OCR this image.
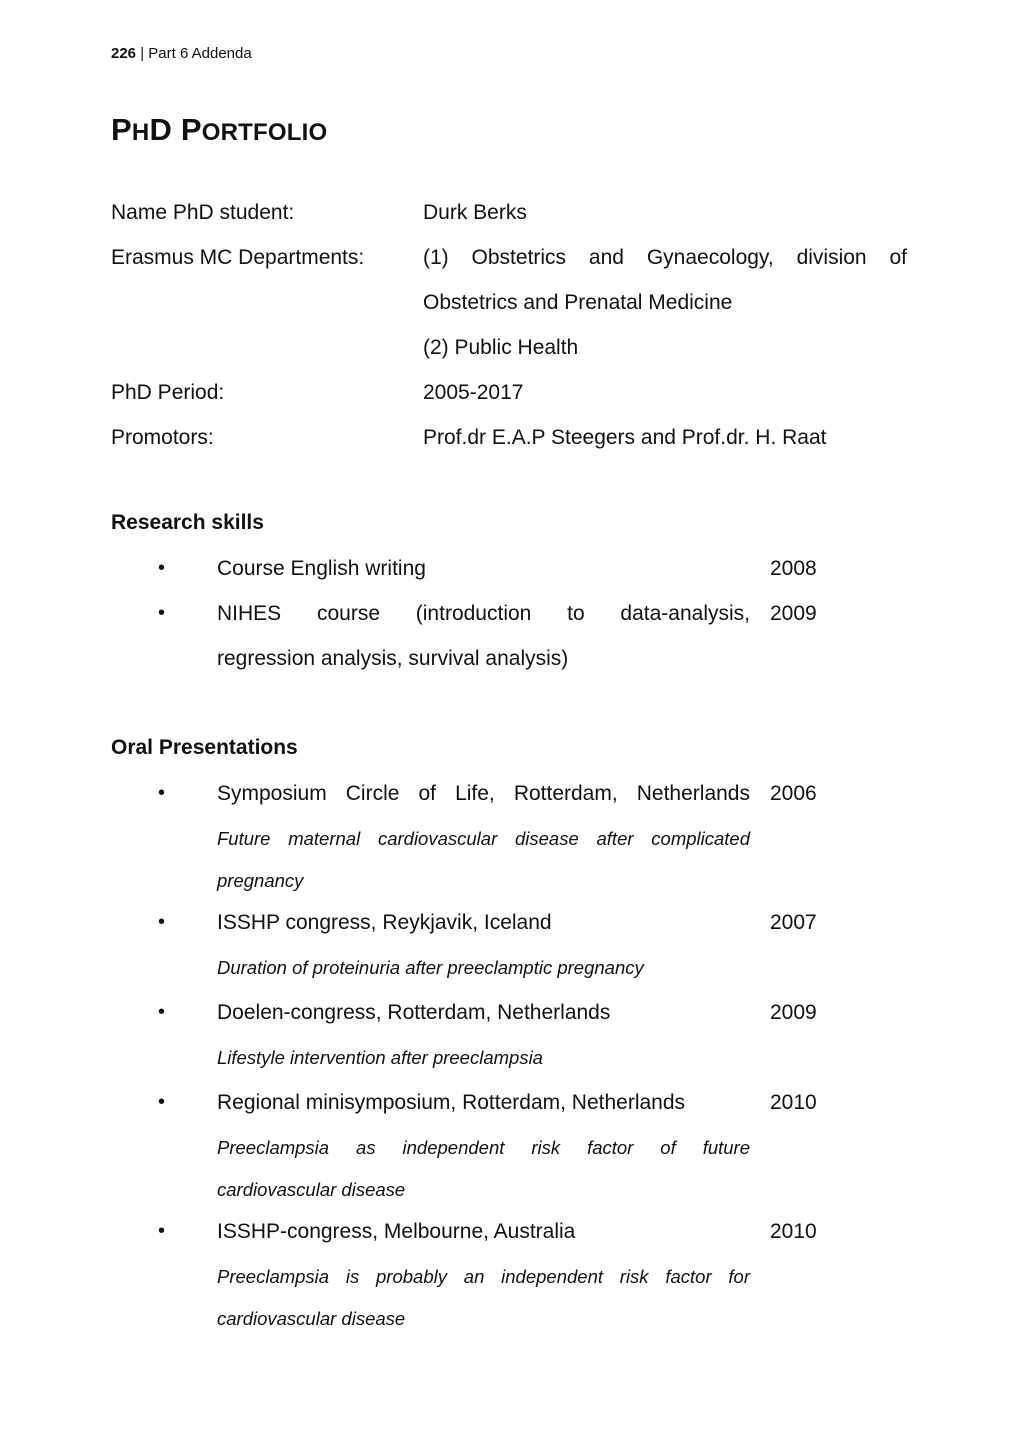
226 | Part 6 Addenda
PHD PORTFOLIO
Name PhD student:	Durk Berks
Erasmus MC Departments:	(1) Obstetrics and Gynaecology, division of
Obstetrics and Prenatal Medicine
(2) Public Health
PhD Period:	2005-2017
Promotors:	Prof.dr E.A.P Steegers and Prof.dr. H. Raat
Research skills
• Course English writing	2008
• NIHES course (introduction to data-analysis,
regression analysis, survival analysis)
2009
Oral Presentations
• Symposium Circle of Life, Rotterdam, Netherlands 2006
Future maternal cardiovascular disease after complicated
pregnancy
• ISSHP congress, Reykjavik, Iceland	2007
Duration of proteinuria after preeclamptic pregnancy
• Doelen-congress, Rotterdam, Netherlands	2009
Lifestyle intervention after preeclampsia
• Regional minisymposium, Rotterdam, Netherlands	2010
Preeclampsia as independent risk factor of future
cardiovascular disease
• ISSHP-congress, Melbourne, Australia	2010
Preeclampsia is probably an independent risk factor for
cardiovascular disease
